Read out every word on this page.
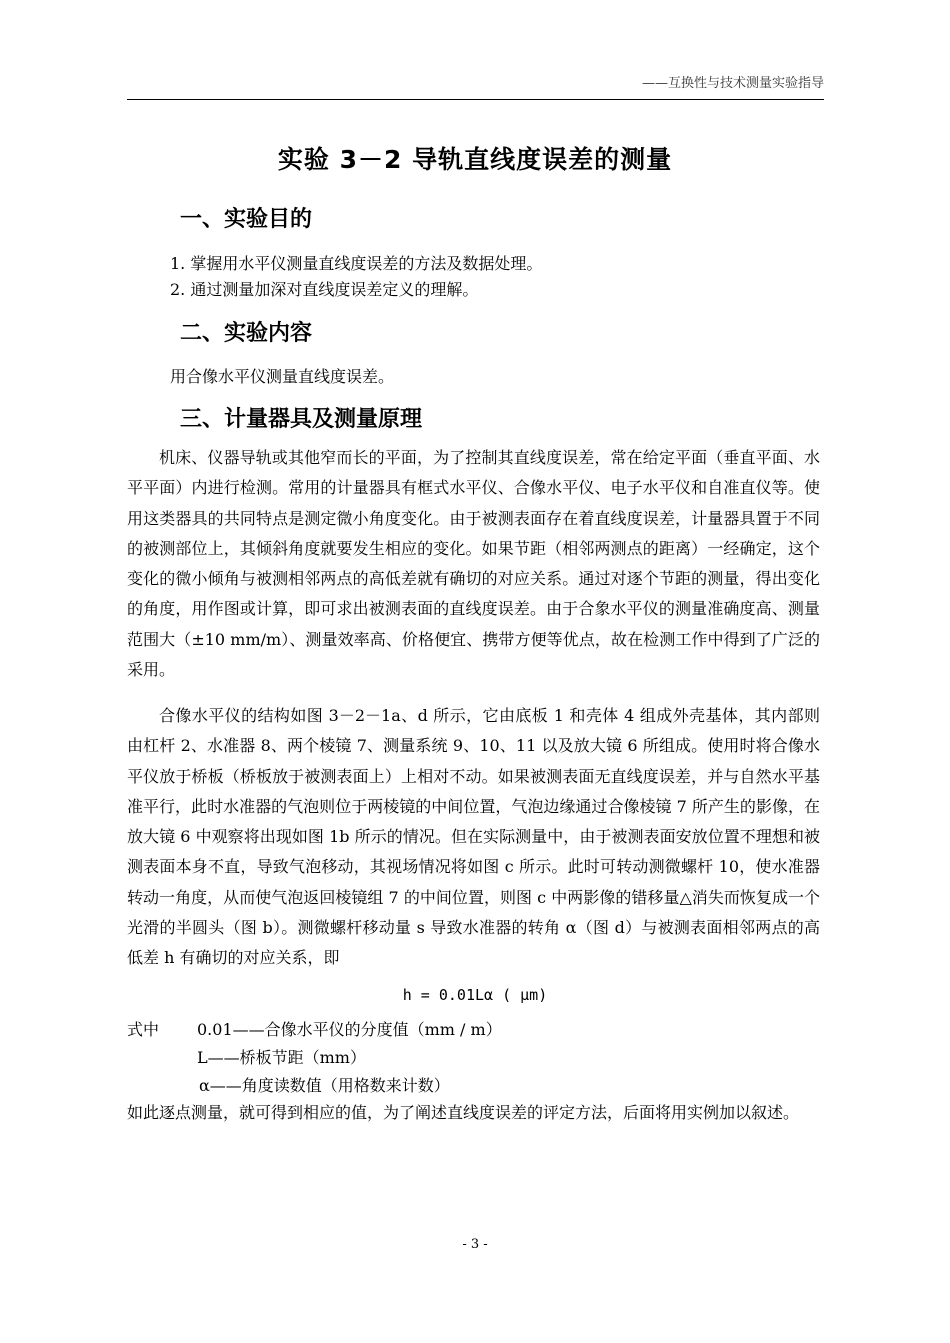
——互换性与技术测量实验指导
实验 3－2 导轨直线度误差的测量
一、实验目的
1. 掌握用水平仪测量直线度误差的方法及数据处理。
2. 通过测量加深对直线度误差定义的理解。
二、实验内容
用合像水平仪测量直线度误差。
三、计量器具及测量原理
机床、仪器导轨或其他窄而长的平面，为了控制其直线度误差，常在给定平面（垂直平面、水平平面）内进行检测。常用的计量器具有框式水平仪、合像水平仪、电子水平仪和自准直仪等。使用这类器具的共同特点是测定微小角度变化。由于被测表面存在着直线度误差，计量器具置于不同的被测部位上，其倾斜角度就要发生相应的变化。如果节距（相邻两测点的距离）一经确定，这个变化的微小倾角与被测相邻两点的高低差就有确切的对应关系。通过对逐个节距的测量，得出变化的角度，用作图或计算，即可求出被测表面的直线度误差。由于合象水平仪的测量准确度高、测量范围大（±10 mm/m）、测量效率高、价格便宜、携带方便等优点，故在检测工作中得到了广泛的采用。
合像水平仪的结构如图 3－2－1a、d 所示，它由底板 1 和壳体 4 组成外壳基体，其内部则由杠杆 2、水准器 8、两个棱镜 7、测量系统 9、10、11 以及放大镜 6 所组成。使用时将合像水平仪放于桥板（桥板放于被测表面上）上相对不动。如果被测表面无直线度误差，并与自然水平基准平行，此时水准器的气泡则位于两棱镜的中间位置，气泡边缘通过合像棱镜 7 所产生的影像，在放大镜 6 中观察将出现如图 1b 所示的情况。但在实际测量中，由于被测表面安放位置不理想和被测表面本身不直，导致气泡移动，其视场情况将如图 c 所示。此时可转动测微螺杆 10，使水准器转动一角度，从而使气泡返回棱镜组 7 的中间位置，则图 c 中两影像的错移量△消失而恢复成一个光滑的半圆头（图 b）。测微螺杆移动量 s 导致水准器的转角 α（图 d）与被测表面相邻两点的高低差 h 有确切的对应关系，即
h = 0.01Lα ( μm)
式中 0.01——合像水平仪的分度值（mm / m）
L——桥板节距（mm）
α——角度读数值（用格数来计数）
如此逐点测量，就可得到相应的值，为了阐述直线度误差的评定方法，后面将用实例加以叙述。
- 3 -
